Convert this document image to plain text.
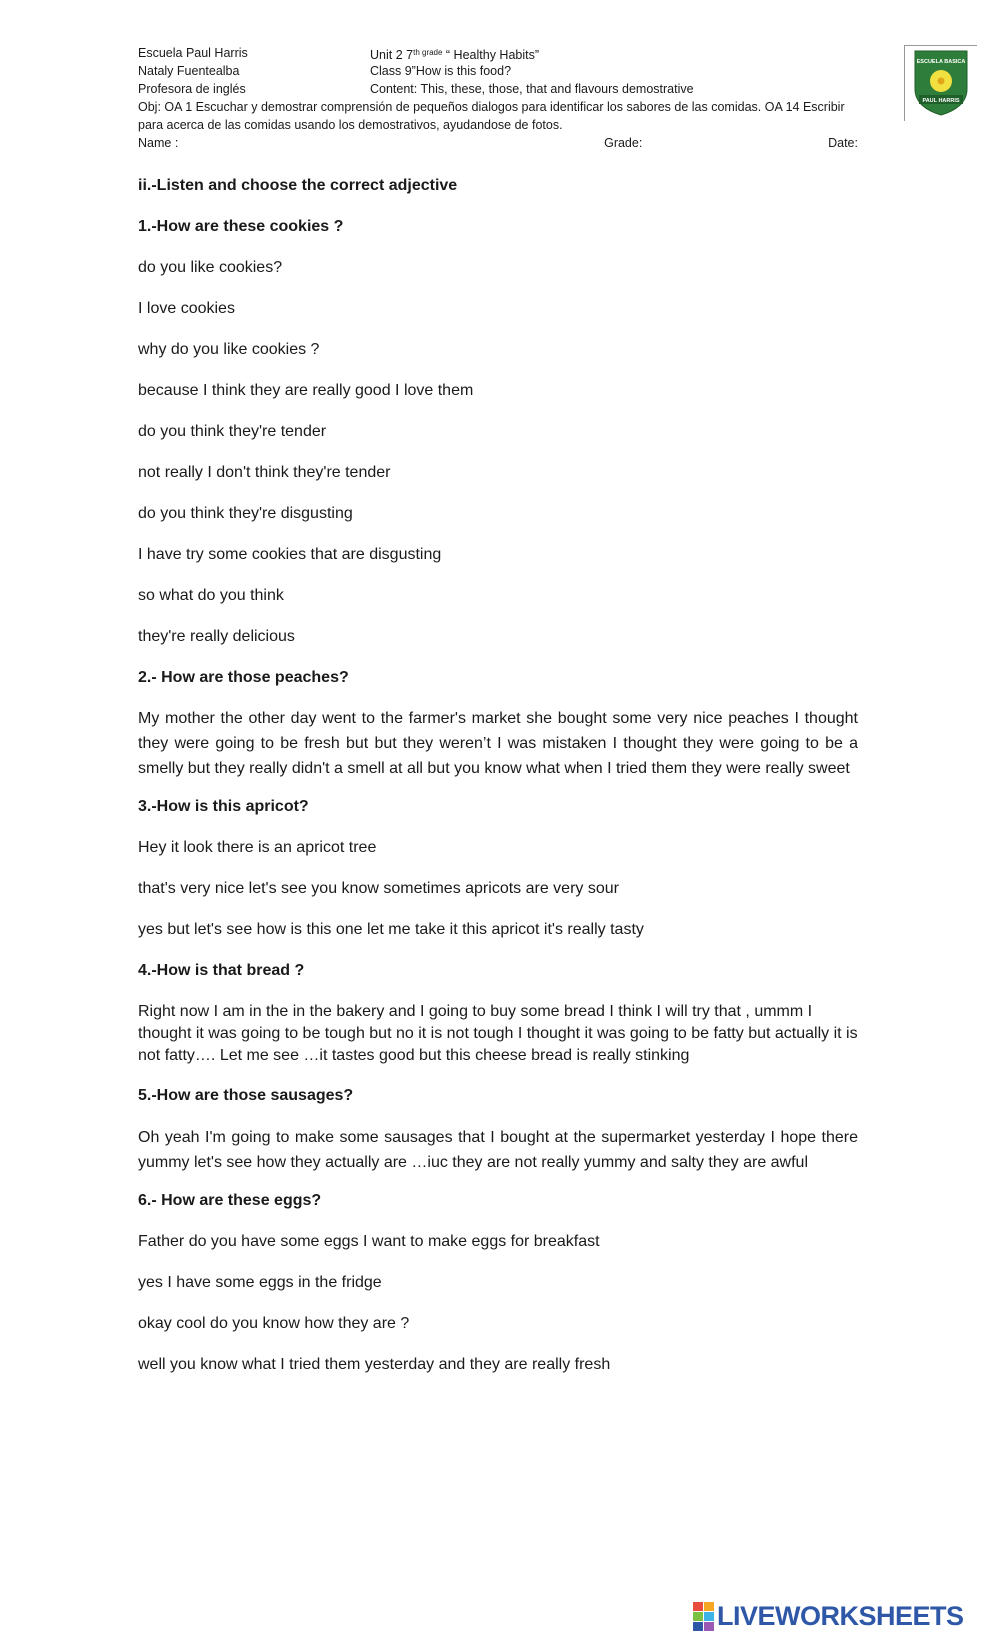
Escuela Paul Harris	Unit 2 $7^{th grade}$ “ Healthy Habits”
Nataly Fuentealba	Class 9”How is this food?
Profesora de inglés	Content: This, these, those, that and flavours demostrative
Obj: OA 1 Escuchar y demostrar comprensión de pequeños dialogos para identificar los sabores de las comidas. OA 14 Escribir para acerca de las comidas usando los demostrativos, ayudandose de fotos.
Name :	Grade:	Date:
ESCUELA BASICA
PAUL HARRIS

ii.-Listen and choose the correct adjective

1.-How are these cookies ?

do you like cookies?

I love cookies

why do you like cookies ?

because I think they are really good I love them

do you think they're tender

not really I don't think they're tender

do you think they're disgusting

I have try some cookies that are disgusting

so what do you think

they're really delicious

2.- How are those peaches?

My mother the other day went to the farmer's market she bought some very nice peaches I thought they were going to be fresh but but they weren’t I was mistaken I thought they were going to be a smelly but they really didn't a smell at all but you know what when I tried them they were really sweet

3.-How is this apricot?

Hey it look there is an apricot tree

that's very nice let's see you know sometimes apricots are very sour

yes but let's see how is this one let me take it this apricot it's really tasty

4.-How is that bread ?

Right now I am in the in the bakery and I going to buy some bread I think I will try that , ummm I thought it was going to be tough but no it is not tough I thought it was going to be fatty but actually it is not fatty…. Let me see …it tastes good but this cheese bread is really stinking

5.-How are those sausages?

Oh yeah I'm going to make some sausages that I bought at the supermarket yesterday I hope there yummy let's see how they actually are …iuc they are not really yummy and salty they are awful

6.- How are these eggs?

Father do you have some eggs I want to make eggs for breakfast

yes I have some eggs in the fridge

okay cool do you know how they are ?

well you know what I tried them yesterday and they are really fresh

LIVEWORKSHEETS
